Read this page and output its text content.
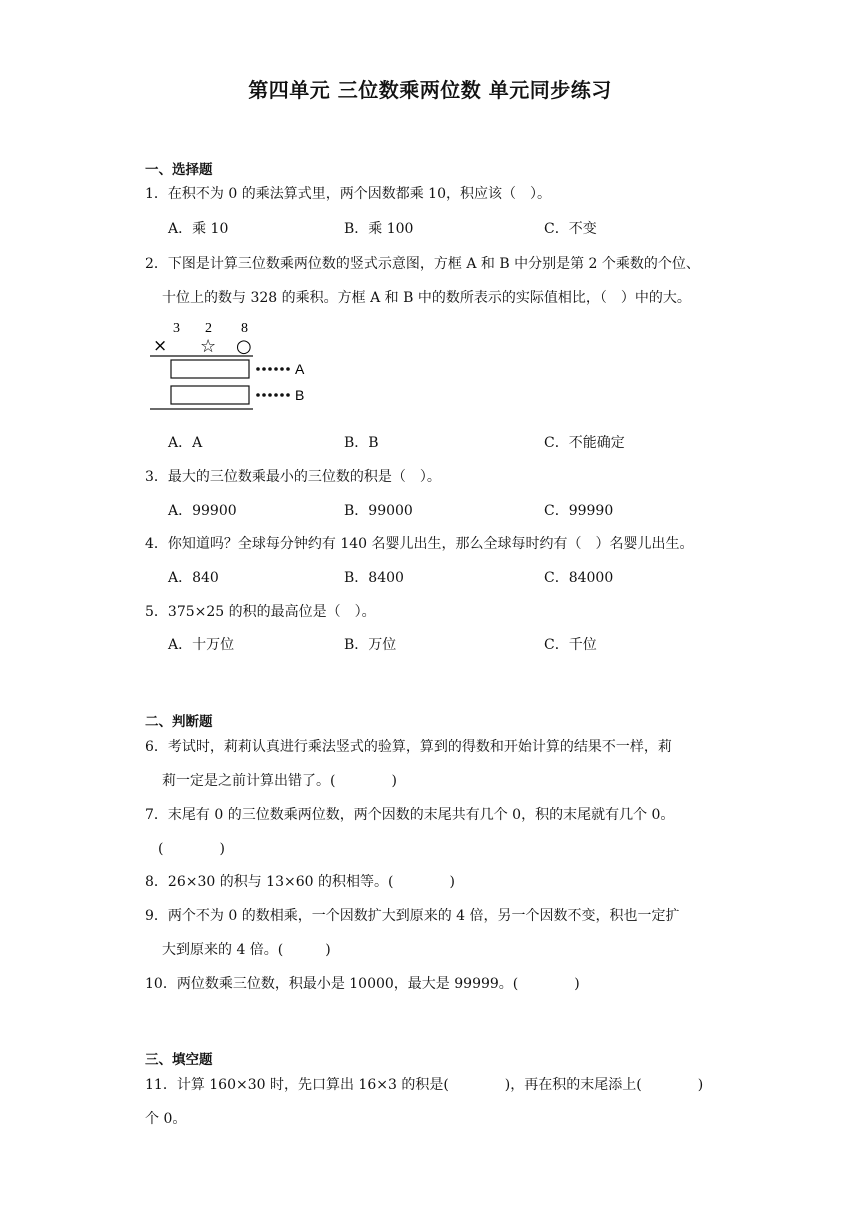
第四单元 三位数乘两位数 单元同步练习
一、选择题
1．在积不为 0 的乘法算式里，两个因数都乘 10，积应该（　）。
A．乘 10	B．乘 100	C．不变
2．下图是计算三位数乘两位数的竖式示意图，方框 A 和 B 中分别是第 2 个乘数的个位、
十位上的数与 328 的乘积。方框 A 和 B 中的数所表示的实际值相比，（　）中的大。
3 2 8
× ☆ ○
A
B
A．A	B．B	C．不能确定
3．最大的三位数乘最小的三位数的积是（　）。
A．99900	B．99000	C．99990
4．你知道吗？全球每分钟约有 140 名婴儿出生，那么全球每时约有（　）名婴儿出生。
A．840	B．8400	C．84000
5．375×25 的积的最高位是（　）。
A．十万位	B．万位	C．千位
二、判断题
6．考试时，莉莉认真进行乘法竖式的验算，算到的得数和开始计算的结果不一样，莉
莉一定是之前计算出错了。(　　　　)
7．末尾有 0 的三位数乘两位数，两个因数的末尾共有几个 0，积的末尾就有几个 0。
(　　　　)
8．26×30 的积与 13×60 的积相等。(　　　　)
9．两个不为 0 的数相乘，一个因数扩大到原来的 4 倍，另一个因数不变，积也一定扩
大到原来的 4 倍。(　　　)
10．两位数乘三位数，积最小是 10000，最大是 99999。(　　　　)
三、填空题
11．计算 160×30 时，先口算出 16×3 的积是(　　　　)，再在积的末尾添上(　　　　)
个 0。
